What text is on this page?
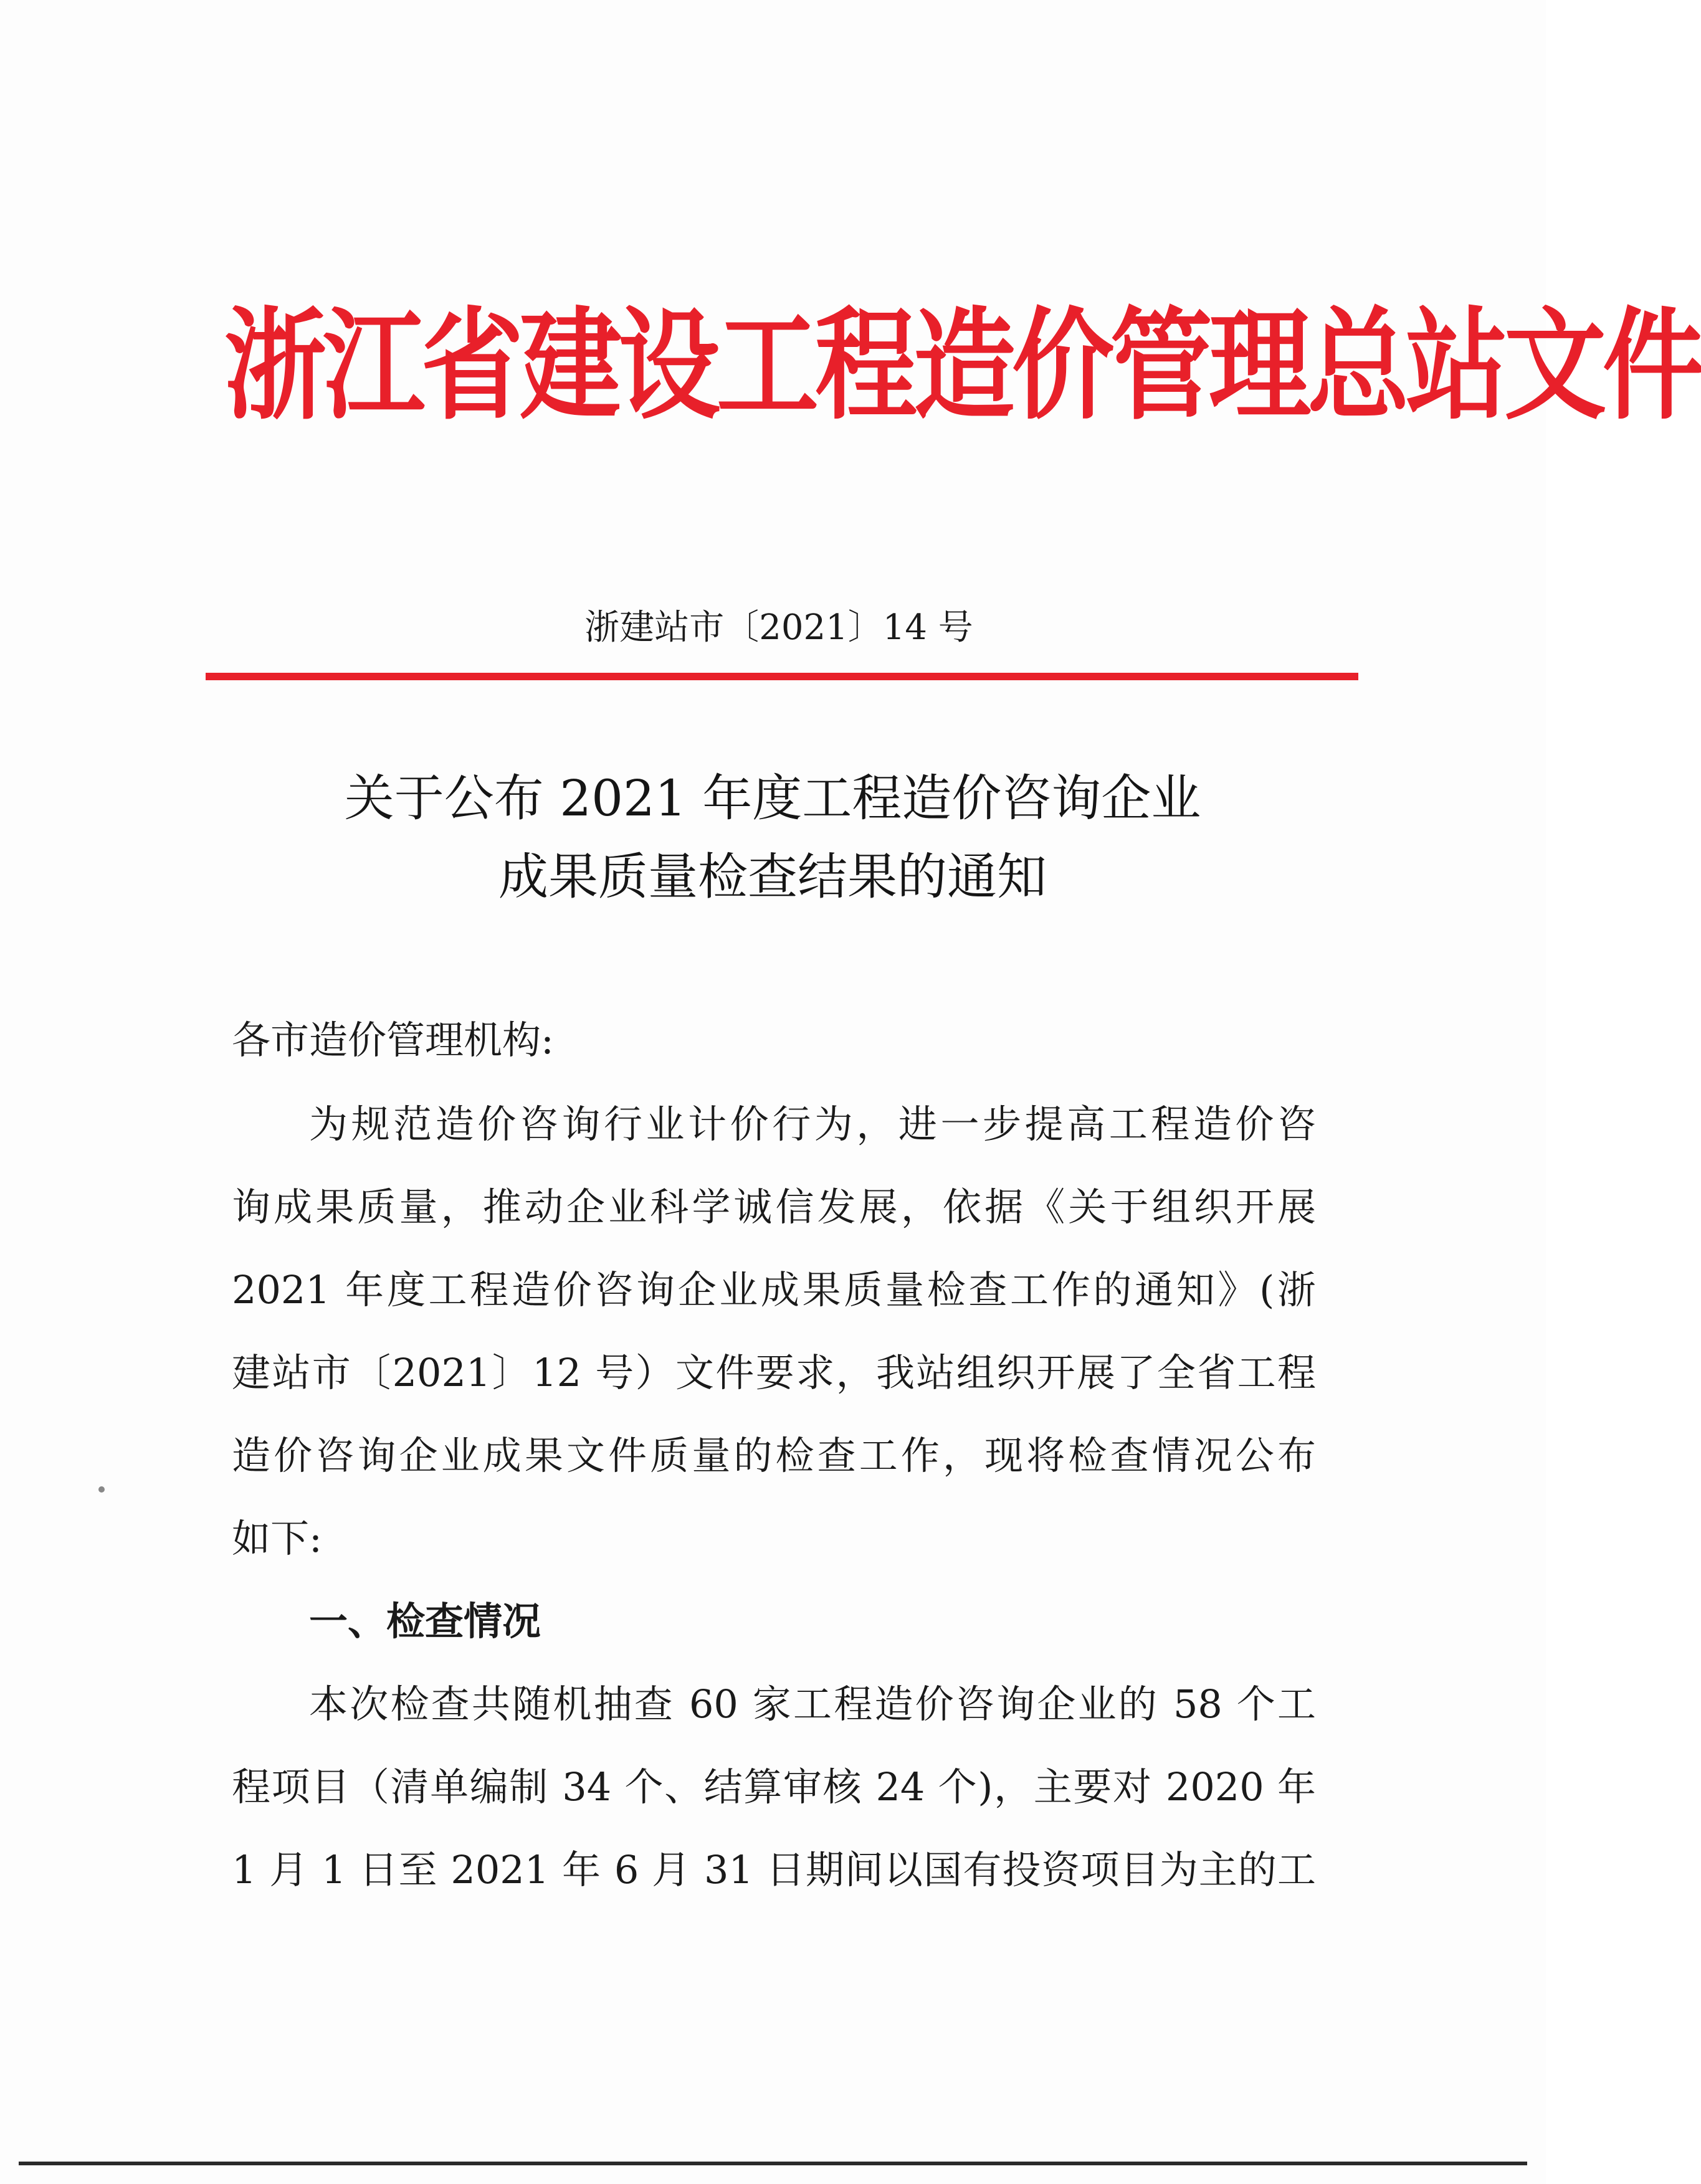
浙江省建设工程造价管理总站文件
浙建站市〔2021〕14 号
关于公布 2021 年度工程造价咨询企业
成果质量检查结果的通知
各市造价管理机构:
为规范造价咨询行业计价行为，进一步提高工程造价咨
询成果质量，推动企业科学诚信发展，依据《关于组织开展
2021 年度工程造价咨询企业成果质量检查工作的通知》(浙
建站市〔2021〕12 号）文件要求，我站组织开展了全省工程
造价咨询企业成果文件质量的检查工作，现将检查情况公布
如下:
一、检查情况
本次检查共随机抽查 60 家工程造价咨询企业的 58 个工
程项目（清单编制 34 个、结算审核 24 个)，主要对 2020 年
1 月 1 日至 2021 年 6 月 31 日期间以国有投资项目为主的工
